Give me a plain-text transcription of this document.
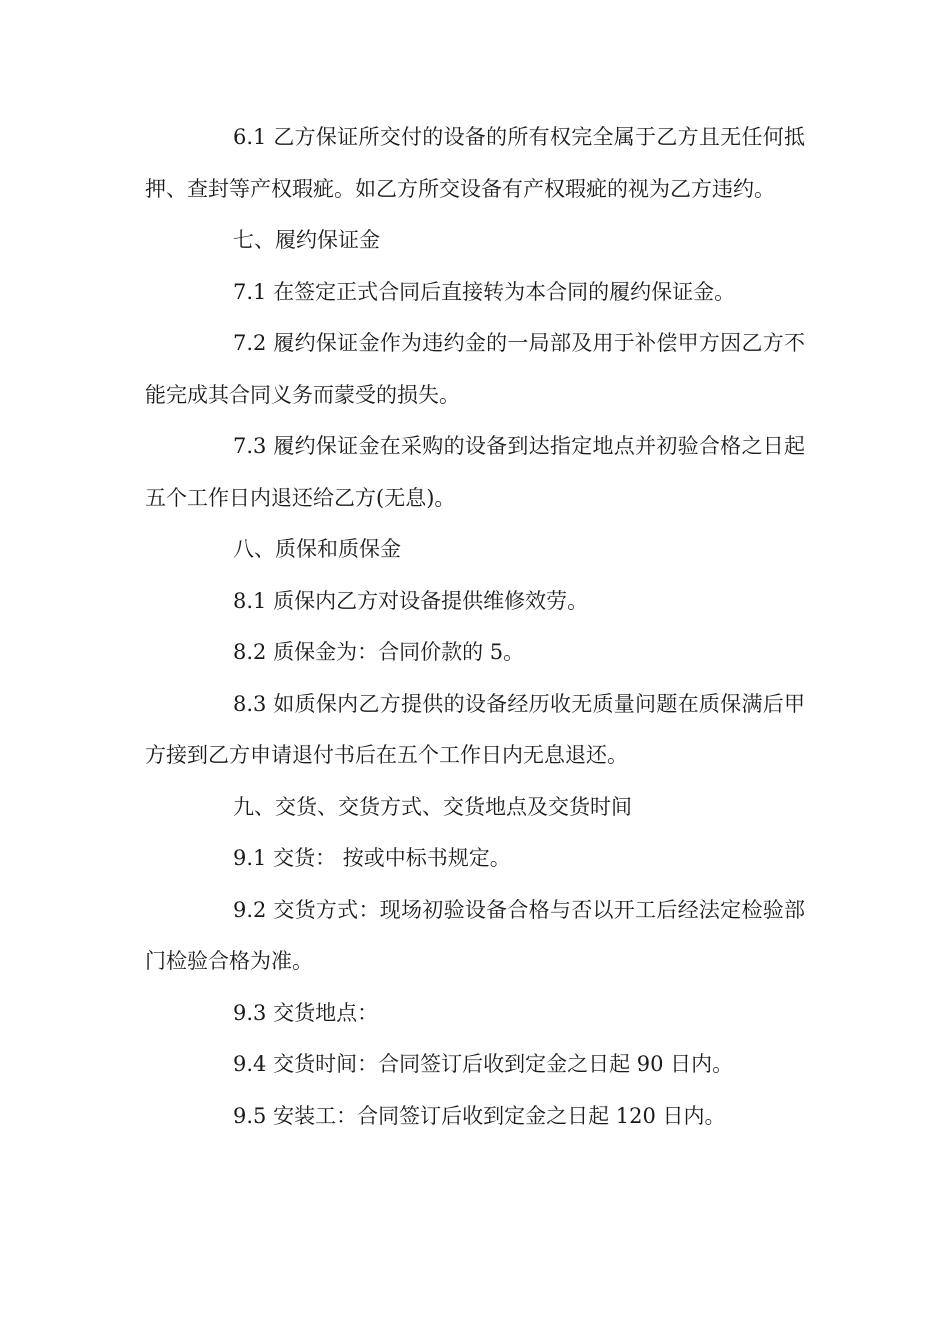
6.1 乙方保证所交付的设备的所有权完全属于乙方且无任何抵押、查封等产权瑕疵。如乙方所交设备有产权瑕疵的视为乙方违约。

七、履约保证金

7.1 在签定正式合同后直接转为本合同的履约保证金。

7.2 履约保证金作为违约金的一局部及用于补偿甲方因乙方不能完成其合同义务而蒙受的损失。

7.3 履约保证金在采购的设备到达指定地点并初验合格之日起五个工作日内退还给乙方(无息)。

八、质保和质保金

8.1 质保内乙方对设备提供维修效劳。

8.2 质保金为：合同价款的 5。

8.3 如质保内乙方提供的设备经历收无质量问题在质保满后甲方接到乙方申请退付书后在五个工作日内无息退还。

九、交货、交货方式、交货地点及交货时间

9.1 交货： 按或中标书规定。

9.2 交货方式：现场初验设备合格与否以开工后经法定检验部门检验合格为准。

9.3 交货地点：

9.4 交货时间：合同签订后收到定金之日起 90 日内。

9.5 安装工：合同签订后收到定金之日起 120 日内。
